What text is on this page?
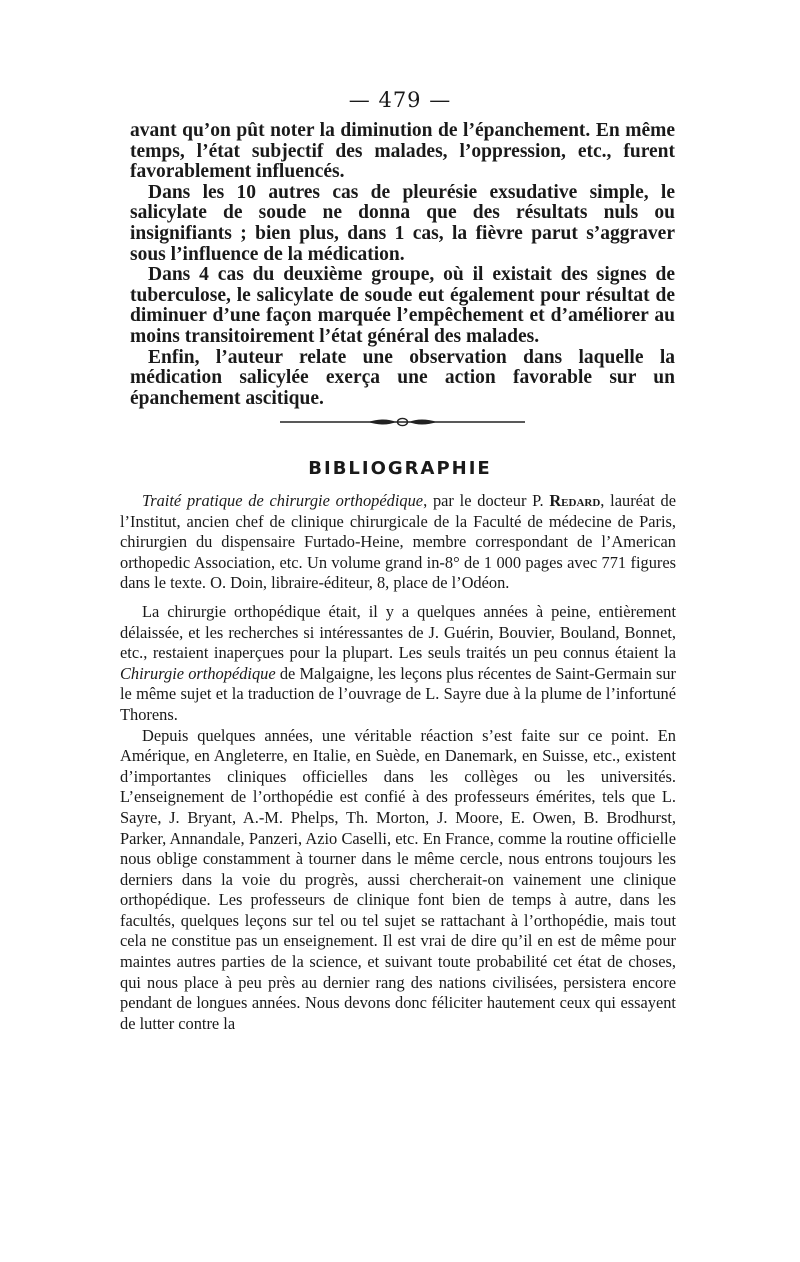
— 479 —

avant qu’on pût noter la diminution de l’épanchement. En même temps, l’état subjectif des malades, l’oppression, etc., furent favorablement influencés.

Dans les 10 autres cas de pleurésie exsudative simple, le salicylate de soude ne donna que des résultats nuls ou insignifiants ; bien plus, dans 1 cas, la fièvre parut s’aggraver sous l’influence de la médication.

Dans 4 cas du deuxième groupe, où il existait des signes de tuberculose, le salicylate de soude eut également pour résultat de diminuer d’une façon marquée l’empêchement et d’améliorer au moins transitoirement l’état général des malades.

Enfin, l’auteur relate une observation dans laquelle la médication salicylée exerça une action favorable sur un épanchement ascitique.

BIBLIOGRAPHIE

Traité pratique de chirurgie orthopédique, par le docteur P. Redard, lauréat de l’Institut, ancien chef de clinique chirurgicale de la Faculté de médecine de Paris, chirurgien du dispensaire Furtado-Heine, membre correspondant de l’American orthopedic Association, etc. Un volume grand in-8° de 1 000 pages avec 771 figures dans le texte. O. Doin, libraire-éditeur, 8, place de l’Odéon.

La chirurgie orthopédique était, il y a quelques années à peine, entièrement délaissée, et les recherches si intéressantes de J. Guérin, Bouvier, Bouland, Bonnet, etc., restaient inaperçues pour la plupart. Les seuls traités un peu connus étaient la Chirurgie orthopédique de Malgaigne, les leçons plus récentes de Saint-Germain sur le même sujet et la traduction de l’ouvrage de L. Sayre due à la plume de l’infortuné Thorens.

Depuis quelques années, une véritable réaction s’est faite sur ce point. En Amérique, en Angleterre, en Italie, en Suède, en Danemark, en Suisse, etc., existent d’importantes cliniques officielles dans les collèges ou les universités. L’enseignement de l’orthopédie est confié à des professeurs émérites, tels que L. Sayre, J. Bryant, A.-M. Phelps, Th. Morton, J. Moore, E. Owen, B. Brodhurst, Parker, Annandale, Panzeri, Azio Caselli, etc. En France, comme la routine officielle nous oblige constamment à tourner dans le même cercle, nous entrons toujours les derniers dans la voie du progrès, aussi chercherait-on vainement une clinique orthopédique. Les professeurs de clinique font bien de temps à autre, dans les facultés, quelques leçons sur tel ou tel sujet se rattachant à l’orthopédie, mais tout cela ne constitue pas un enseignement. Il est vrai de dire qu’il en est de même pour maintes autres parties de la science, et suivant toute probabilité cet état de choses, qui nous place à peu près au dernier rang des nations civilisées, persistera encore pendant de longues années. Nous devons donc féliciter hautement ceux qui essayent de lutter contre la
